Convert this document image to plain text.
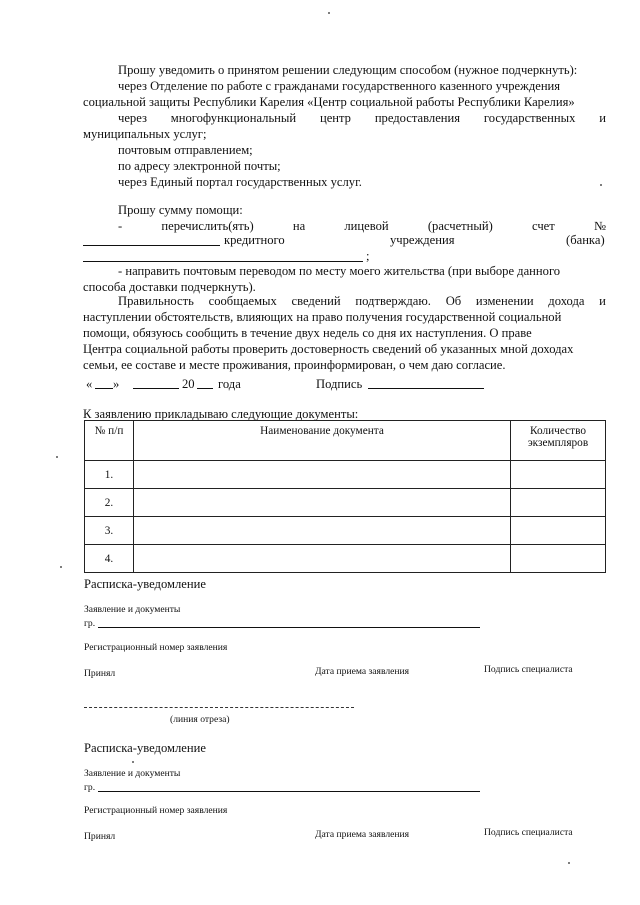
Прошу уведомить о принятом решении следующим способом (нужное подчеркнуть):
через Отделение по работе с гражданами государственного казенного учреждения
социальной защиты Республики Карелия «Центр социальной работы Республики Карелия»
через многофункциональный центр предоставления государственных и
муниципальных услуг;
почтовым отправлением;
по адресу электронной почты;
через Единый портал государственных услуг.
Прошу сумму помощи:
-	перечислить(ять)	на	лицевой	(расчетный)	счет	№
кредитного	учреждения	(банка)
;
- направить почтовым переводом по месту моего жительства (при выборе данного
способа доставки подчеркнуть).
Правильность сообщаемых сведений подтверждаю. Об изменении дохода и
наступлении обстоятельств, влияющих на право получения государственной социальной
помощи, обязуюсь сообщить в течение двух недель со дня их наступления. О праве
Центра социальной работы проверить достоверность сведений об указанных мной доходах
семьи, ее составе и месте проживания, проинформирован, о чем даю согласие.
« »	20 года	Подпись
К заявлению прикладываю следующие документы:
№ п/п	Наименование документа	Количество
экземпляров

1.		
2.		
3.		
4.		
Расписка-уведомление
Заявление и документы
гр.
Регистрационный номер заявления
Принял	Дата приема заявления	Подпись специалиста
(линия отреза)
Расписка-уведомление
Заявление и документы
гр.
Регистрационный номер заявления
Принял	Дата приема заявления	Подпись специалиста
